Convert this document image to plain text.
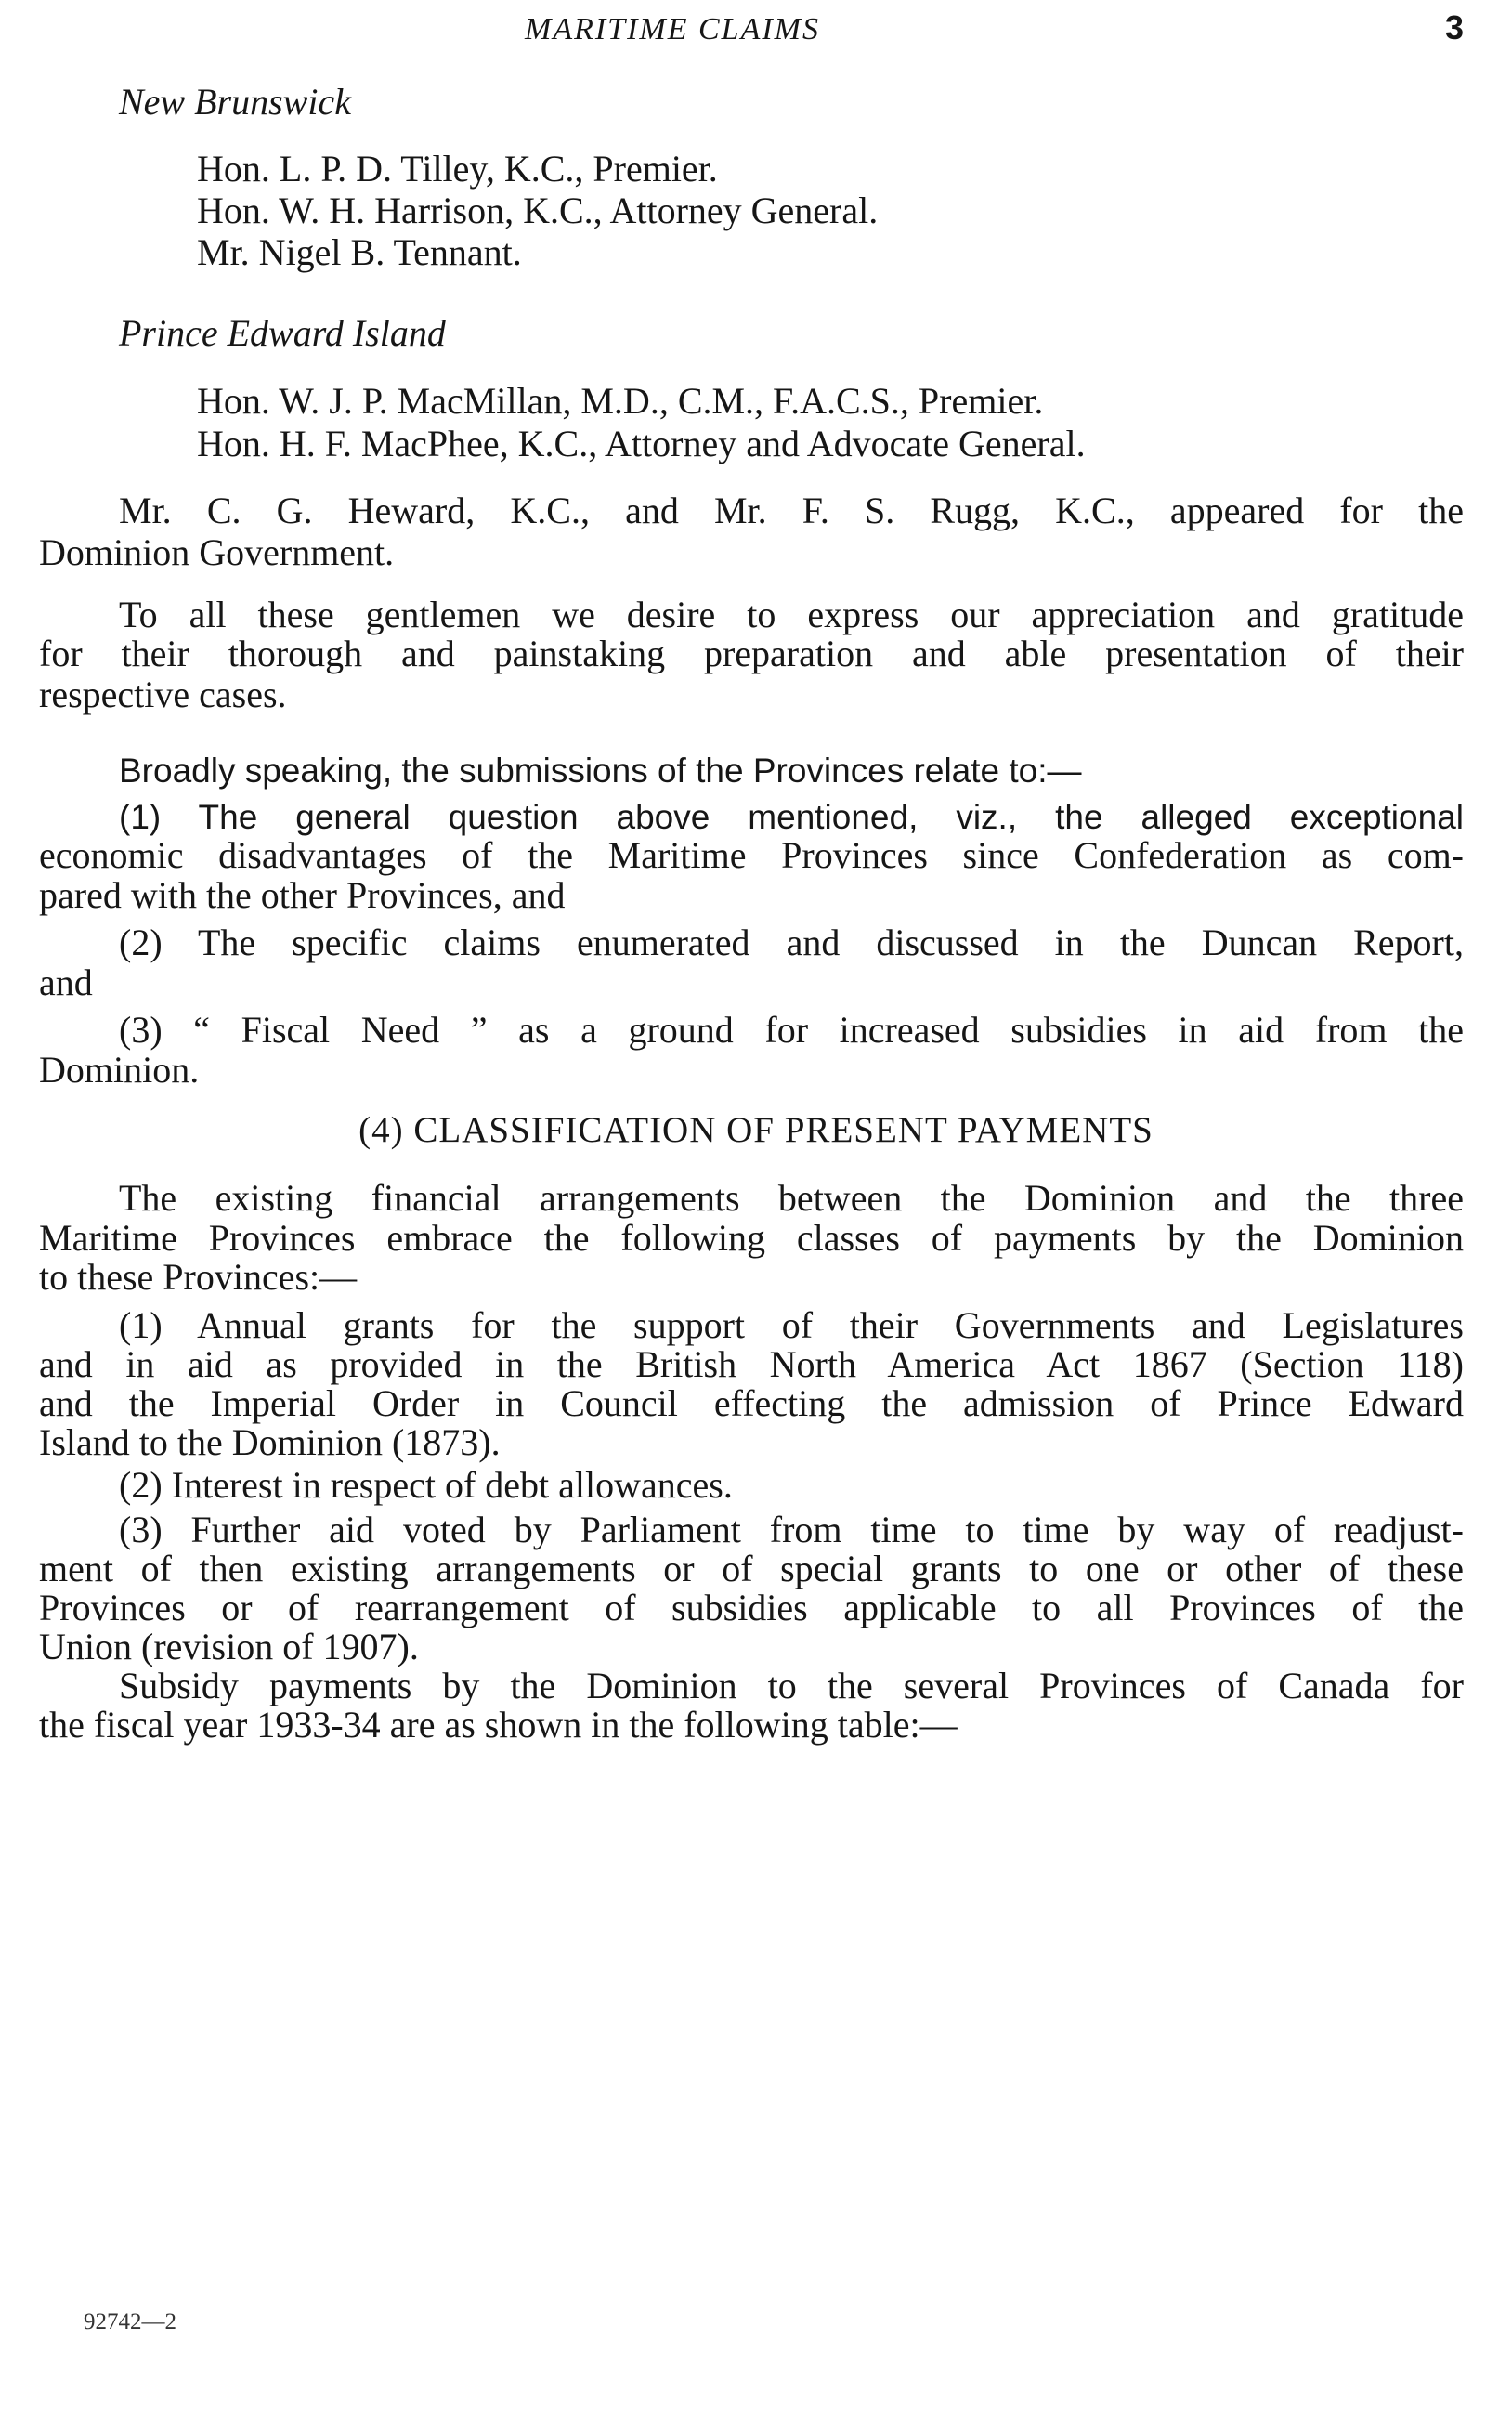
MARITIME CLAIMS	3
New Brunswick
Hon. L. P. D. Tilley, K.C., Premier.
Hon. W. H. Harrison, K.C., Attorney General.
Mr. Nigel B. Tennant.
Prince Edward Island
Hon. W. J. P. MacMillan, M.D., C.M., F.A.C.S., Premier.
Hon. H. F. MacPhee, K.C., Attorney and Advocate General.
Mr. C. G. Heward, K.C., and Mr. F. S. Rugg, K.C., appeared for the
Dominion Government.
To all these gentlemen we desire to express our appreciation and gratitude
for their thorough and painstaking preparation and able presentation of their
respective cases.
Broadly speaking, the submissions of the Provinces relate to:—
(1) The general question above mentioned, viz., the alleged exceptional
economic disadvantages of the Maritime Provinces since Confederation as com-
pared with the other Provinces, and
(2) The specific claims enumerated and discussed in the Duncan Report,
and
(3) “ Fiscal Need ” as a ground for increased subsidies in aid from the
Dominion.
(4) CLASSIFICATION OF PRESENT PAYMENTS
The existing financial arrangements between the Dominion and the three
Maritime Provinces embrace the following classes of payments by the Dominion
to these Provinces:—
(1) Annual grants for the support of their Governments and Legislatures
and in aid as provided in the British North America Act 1867 (Section 118)
and the Imperial Order in Council effecting the admission of Prince Edward
Island to the Dominion (1873).
(2) Interest in respect of debt allowances.
(3) Further aid voted by Parliament from time to time by way of readjust-
ment of then existing arrangements or of special grants to one or other of these
Provinces or of rearrangement of subsidies applicable to all Provinces of the
Union (revision of 1907).
Subsidy payments by the Dominion to the several Provinces of Canada for
the fiscal year 1933-34 are as shown in the following table:—
92742—2
